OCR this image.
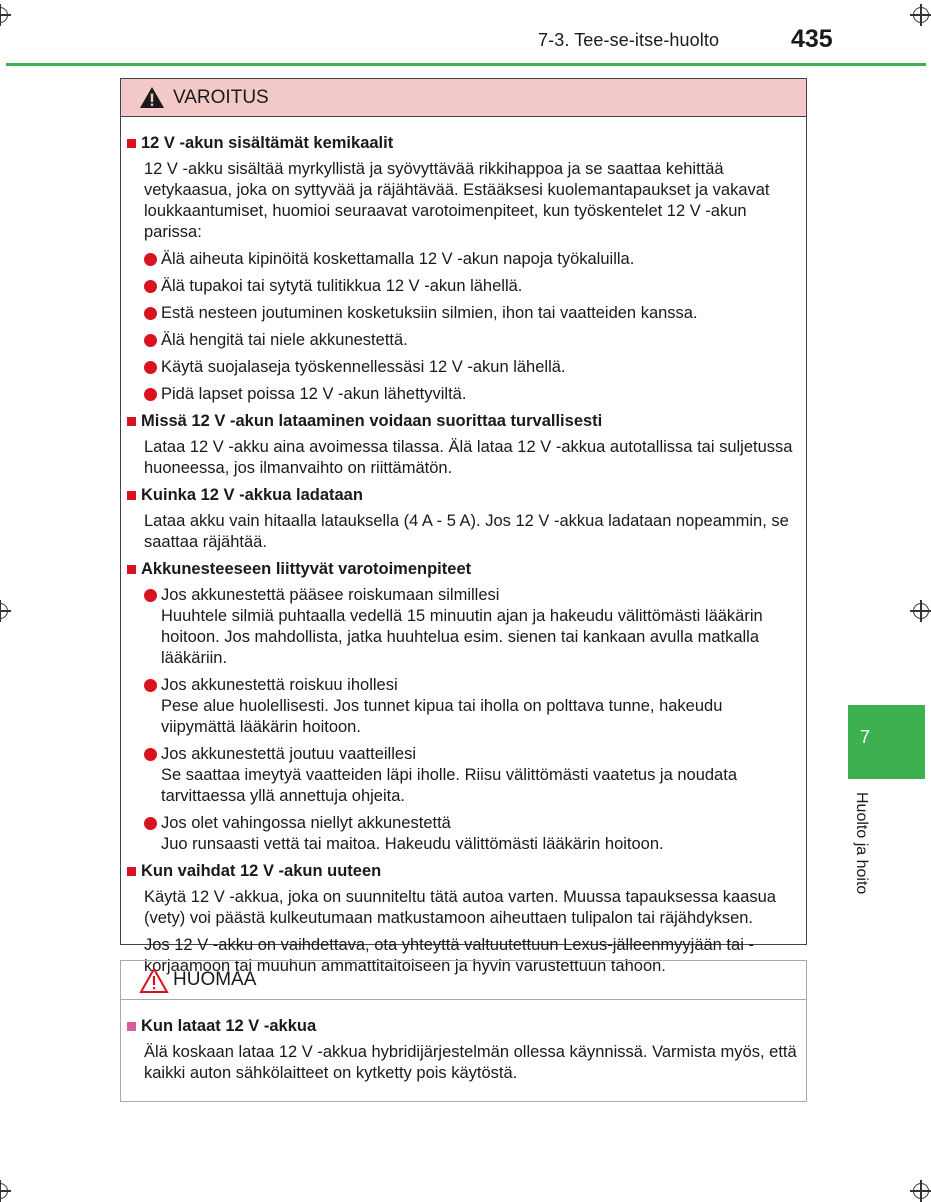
7-3. Tee-se-itse-huolto	435
VAROITUS
12 V -akun sisältämät kemikaalit
12 V -akku sisältää myrkyllistä ja syövyttävää rikkihappoa ja se saattaa kehittää vetykaasua, joka on syttyvää ja räjähtävää. Estääksesi kuolemantapaukset ja vakavat loukkaantumiset, huomioi seuraavat varotoimenpiteet, kun työskentelet 12 V -akun parissa:
Älä aiheuta kipinöitä koskettamalla 12 V -akun napoja työkaluilla.
Älä tupakoi tai sytytä tulitikkua 12 V -akun lähellä.
Estä nesteen joutuminen kosketuksiin silmien, ihon tai vaatteiden kanssa.
Älä hengitä tai niele akkunestettä.
Käytä suojalaseja työskennellessäsi 12 V -akun lähellä.
Pidä lapset poissa 12 V -akun lähettyviltä.
Missä 12 V -akun lataaminen voidaan suorittaa turvallisesti
Lataa 12 V -akku aina avoimessa tilassa. Älä lataa 12 V -akkua autotallissa tai suljetussa huoneessa, jos ilmanvaihto on riittämätön.
Kuinka 12 V -akkua ladataan
Lataa akku vain hitaalla latauksella (4 A - 5 A). Jos 12 V -akkua ladataan nopeammin, se saattaa räjähtää.
Akkunesteeseen liittyvät varotoimenpiteet
Jos akkunestettä pääsee roiskumaan silmillesi
Huuhtele silmiä puhtaalla vedellä 15 minuutin ajan ja hakeudu välittömästi lääkärin hoitoon. Jos mahdollista, jatka huuhtelua esim. sienen tai kankaan avulla matkalla lääkäriin.
Jos akkunestettä roiskuu ihollesi
Pese alue huolellisesti. Jos tunnet kipua tai iholla on polttava tunne, hakeudu viipymättä lääkärin hoitoon.
Jos akkunestettä joutuu vaatteillesi
Se saattaa imeytyä vaatteiden läpi iholle. Riisu välittömästi vaatetus ja noudata tarvittaessa yllä annettuja ohjeita.
Jos olet vahingossa niellyt akkunestettä
Juo runsaasti vettä tai maitoa. Hakeudu välittömästi lääkärin hoitoon.
Kun vaihdat 12 V -akun uuteen
Käytä 12 V -akkua, joka on suunniteltu tätä autoa varten. Muussa tapauksessa kaasua (vety) voi päästä kulkeutumaan matkustamoon aiheuttaen tulipalon tai räjähdyksen.
Jos 12 V -akku on vaihdettava, ota yhteyttä valtuutettuun Lexus-jälleenmyyjään tai -korjaamoon tai muuhun ammattitaitoiseen ja hyvin varustettuun tahoon.
HUOMAA
Kun lataat 12 V -akkua
Älä koskaan lataa 12 V -akkua hybridijärjestelmän ollessa käynnissä. Varmista myös, että kaikki auton sähkölaitteet on kytketty pois käytöstä.
7
Huolto ja hoito
